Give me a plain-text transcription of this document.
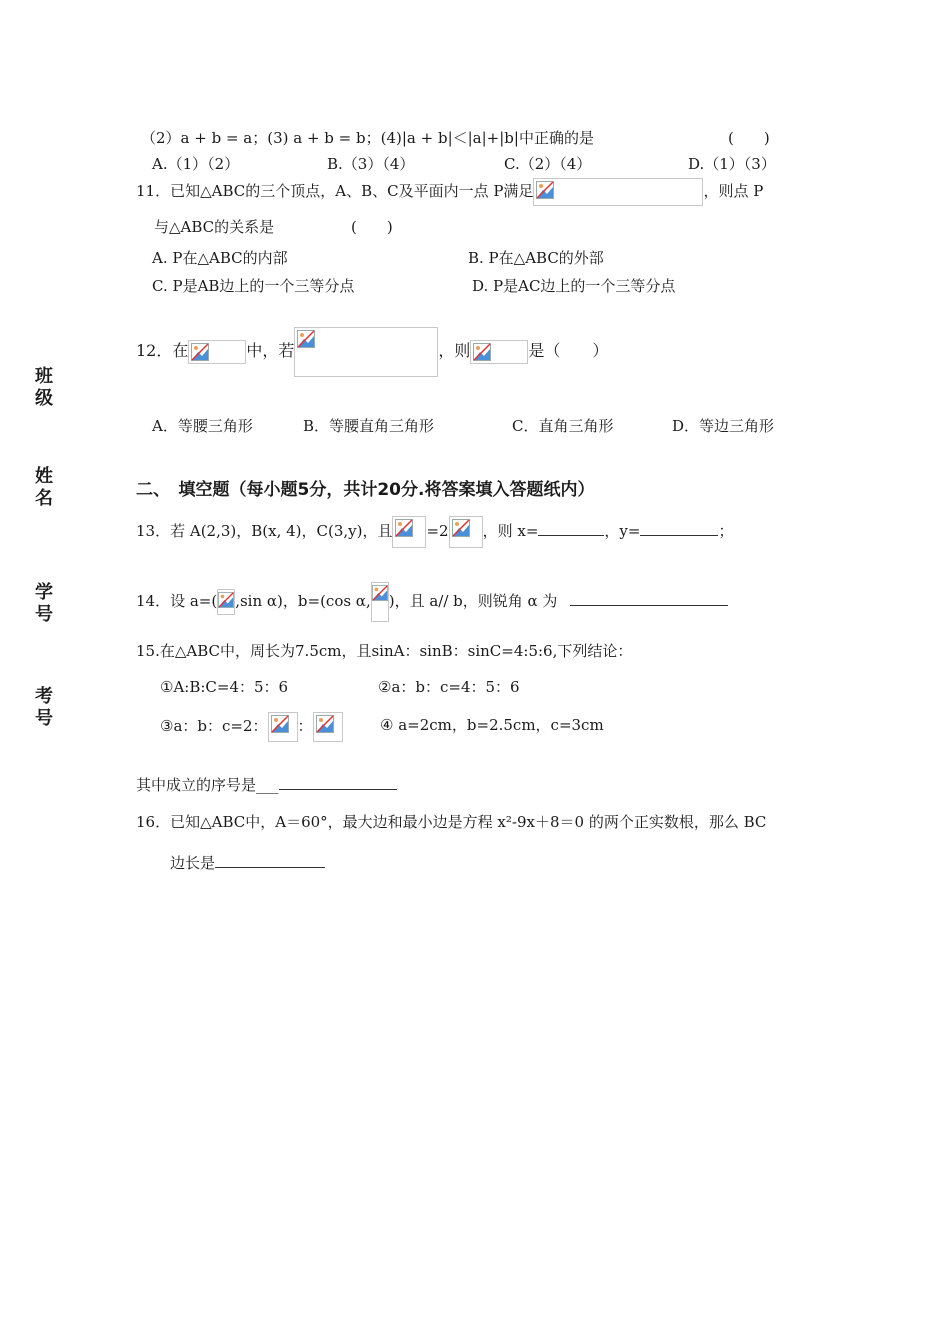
班级
姓名
学号
考号
（2）a + b = a；(3) a + b = b；(4)|a + b|＜|a|+|b|中正确的是	(　　)
A.（1）（2）	B.（3）（4）	C.（2）（4）	D.（1）（3）
11．已知△ABC的三个顶点，A、B、C及平面内一点 P满足	，则点 P
与△ABC的关系是	(　　)
A. P在△ABC的内部	B. P在△ABC的外部
C. P是AB边上的一个三等分点	D. P是AC边上的一个三等分点
12．在	中，若	，则	是（　　）
A．等腰三角形	B．等腰直角三角形	C．直角三角形	D．等边三角形
二、　填空题（每小题5分，共计20分.将答案填入答题纸内）
13．若 A(2,3)，B(x, 4)，C(3,y)，且 =2 ，则 x=	，y=	；
14．设 a=( ,sin α)，b=(cos α, )，且 a// b，则锐角 α 为
15.在△ABC中，周长为7.5cm，且sinA：sinB：sinC=4:5:6,下列结论：
①A:B:C=4：5：6	②a：b：c=4：5：6
③a：b：c=2： ：	④ a=2cm，b=2.5cm，c=3cm
其中成立的序号是___
16．已知△ABC中，A＝60°，最大边和最小边是方程 x²-9x＋8＝0 的两个正实数根，那么 BC
边长是
